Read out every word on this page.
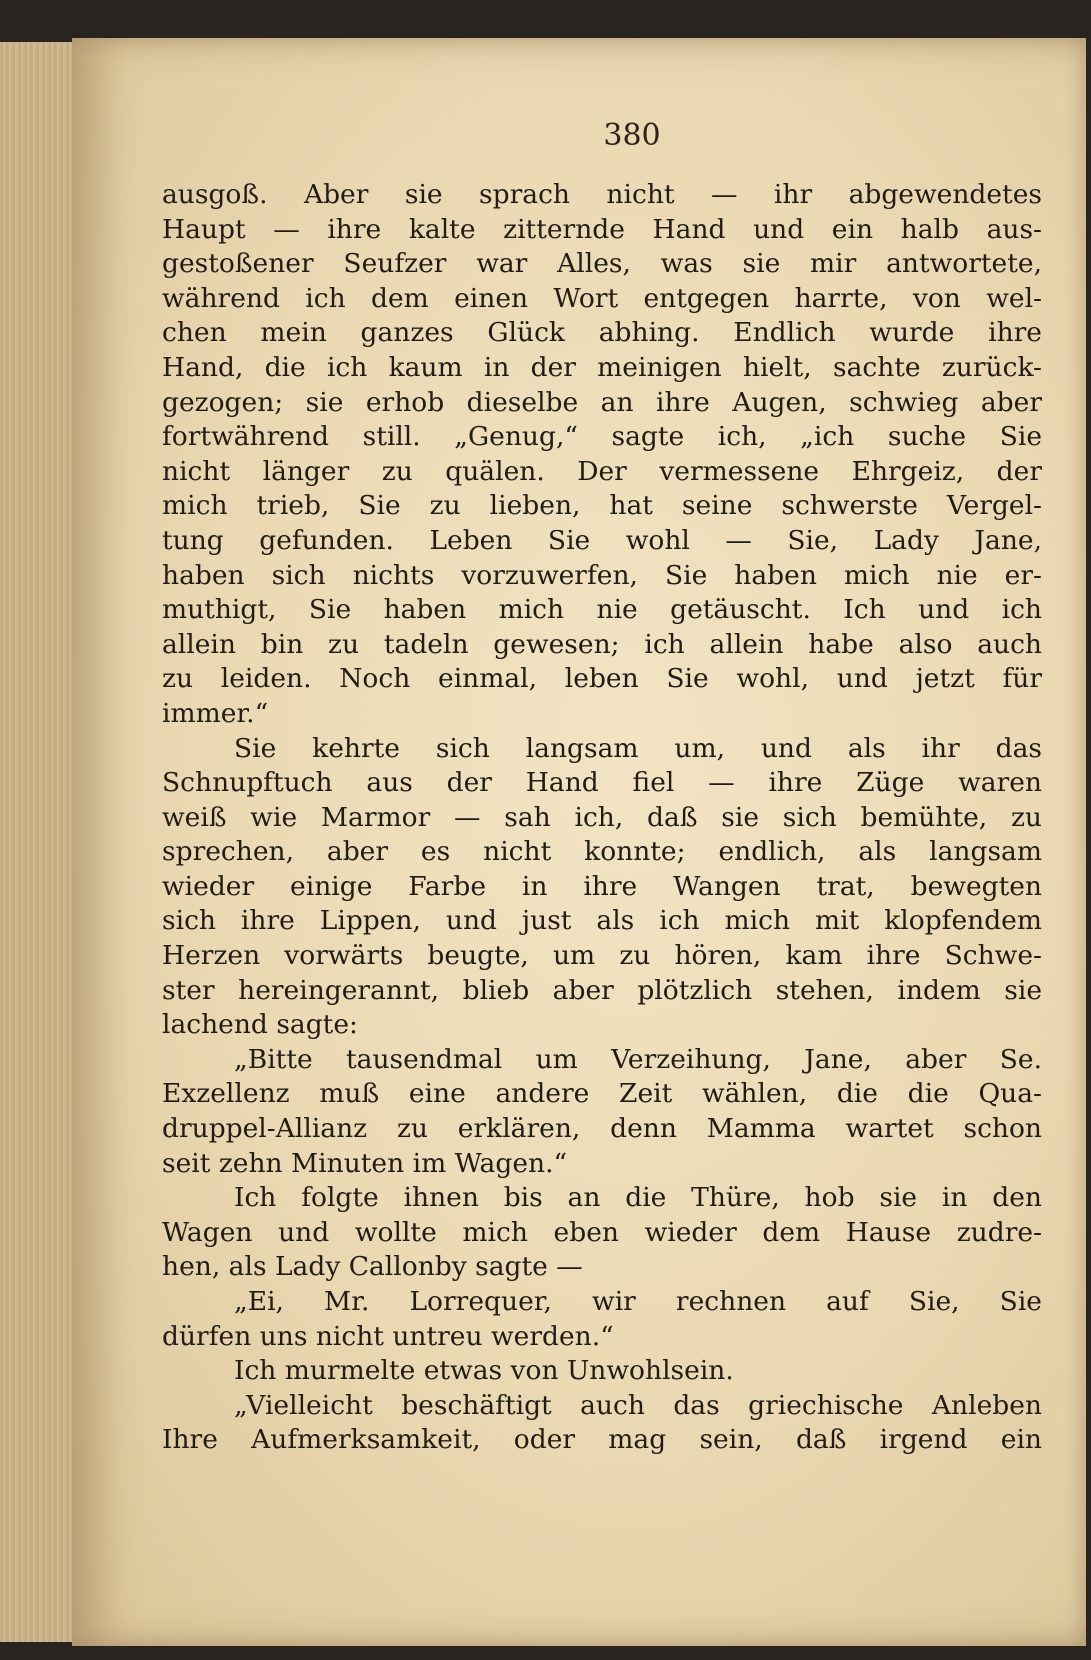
380
ausgoß. Aber sie sprach nicht — ihr abgewendetes
Haupt — ihre kalte zitternde Hand und ein halb aus-
gestoßener Seufzer war Alles, was sie mir antwortete,
während ich dem einen Wort entgegen harrte, von wel-
chen mein ganzes Glück abhing. Endlich wurde ihre
Hand, die ich kaum in der meinigen hielt, sachte zurück-
gezogen; sie erhob dieselbe an ihre Augen, schwieg aber
fortwährend still. „Genug,“ sagte ich, „ich suche Sie
nicht länger zu quälen. Der vermessene Ehrgeiz, der
mich trieb, Sie zu lieben, hat seine schwerste Vergel-
tung gefunden. Leben Sie wohl — Sie, Lady Jane,
haben sich nichts vorzuwerfen, Sie haben mich nie er-
muthigt, Sie haben mich nie getäuscht. Ich und ich
allein bin zu tadeln gewesen; ich allein habe also auch
zu leiden. Noch einmal, leben Sie wohl, und jetzt für
immer.“
Sie kehrte sich langsam um, und als ihr das
Schnupftuch aus der Hand fiel — ihre Züge waren
weiß wie Marmor — sah ich, daß sie sich bemühte, zu
sprechen, aber es nicht konnte; endlich, als langsam
wieder einige Farbe in ihre Wangen trat, bewegten
sich ihre Lippen, und just als ich mich mit klopfendem
Herzen vorwärts beugte, um zu hören, kam ihre Schwe-
ster hereingerannt, blieb aber plötzlich stehen, indem sie
lachend sagte:
„Bitte tausendmal um Verzeihung, Jane, aber Se.
Exzellenz muß eine andere Zeit wählen, die die Qua-
druppel-Allianz zu erklären, denn Mamma wartet schon
seit zehn Minuten im Wagen.“
Ich folgte ihnen bis an die Thüre, hob sie in den
Wagen und wollte mich eben wieder dem Hause zudre-
hen, als Lady Callonby sagte —
„Ei, Mr. Lorrequer, wir rechnen auf Sie, Sie
dürfen uns nicht untreu werden.“
Ich murmelte etwas von Unwohlsein.
„Vielleicht beschäftigt auch das griechische Anleben
Ihre Aufmerksamkeit, oder mag sein, daß irgend ein
